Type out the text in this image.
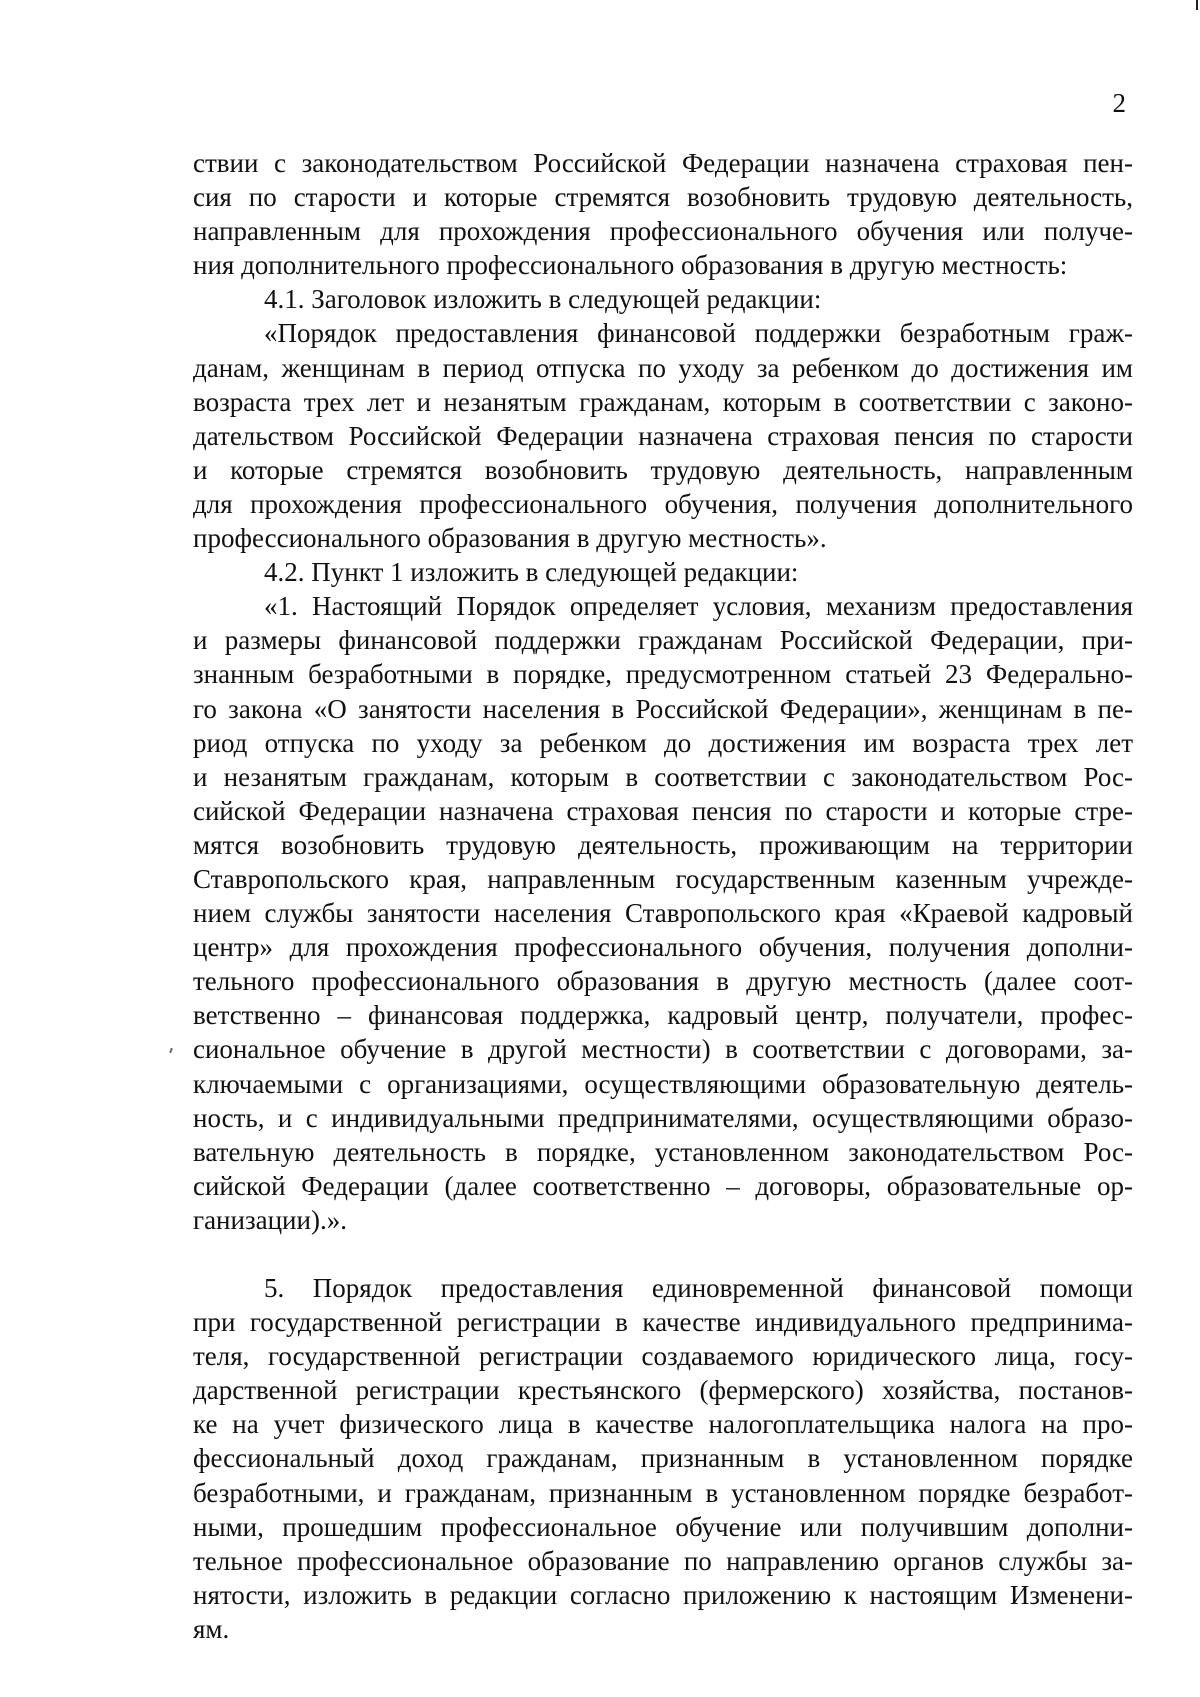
2
ствии с законодательством Российской Федерации назначена страховая пен-
сия по старости и которые стремятся возобновить трудовую деятельность,
направленным для прохождения профессионального обучения или получе-
ния дополнительного профессионального образования в другую местность:
4.1. Заголовок изложить в следующей редакции:
«Порядок предоставления финансовой поддержки безработным граж-
данам, женщинам в период отпуска по уходу за ребенком до достижения им
возраста трех лет и незанятым гражданам, которым в соответствии с законо-
дательством Российской Федерации назначена страховая пенсия по старости
и которые стремятся возобновить трудовую деятельность, направленным
для прохождения профессионального обучения, получения дополнительного
профессионального образования в другую местность».
4.2. Пункт 1 изложить в следующей редакции:
«1. Настоящий Порядок определяет условия, механизм предоставления
и размеры финансовой поддержки гражданам Российской Федерации, при-
знанным безработными в порядке, предусмотренном статьей 23 Федерально-
го закона «О занятости населения в Российской Федерации», женщинам в пе-
риод отпуска по уходу за ребенком до достижения им возраста трех лет
и незанятым гражданам, которым в соответствии с законодательством Рос-
сийской Федерации назначена страховая пенсия по старости и которые стре-
мятся возобновить трудовую деятельность, проживающим на территории
Ставропольского края, направленным государственным казенным учрежде-
нием службы занятости населения Ставропольского края «Краевой кадровый
центр» для прохождения профессионального обучения, получения дополни-
тельного профессионального образования в другую местность (далее соот-
ветственно – финансовая поддержка, кадровый центр, получатели, профес-
сиональное обучение в другой местности) в соответствии с договорами, за-
ключаемыми с организациями, осуществляющими образовательную деятель-
ность, и с индивидуальными предпринимателями, осуществляющими образо-
вательную деятельность в порядке, установленном законодательством Рос-
сийской Федерации (далее соответственно – договоры, образовательные ор-
ганизации).».
5. Порядок предоставления единовременной финансовой помощи
при государственной регистрации в качестве индивидуального предпринима-
теля, государственной регистрации создаваемого юридического лица, госу-
дарственной регистрации крестьянского (фермерского) хозяйства, постанов-
ке на учет физического лица в качестве налогоплательщика налога на про-
фессиональный доход гражданам, признанным в установленном порядке
безработными, и гражданам, признанным в установленном порядке безработ-
ными, прошедшим профессиональное обучение или получившим дополни-
тельное профессиональное образование по направлению органов службы за-
нятости, изложить в редакции согласно приложению к настоящим Изменени-
ям.
